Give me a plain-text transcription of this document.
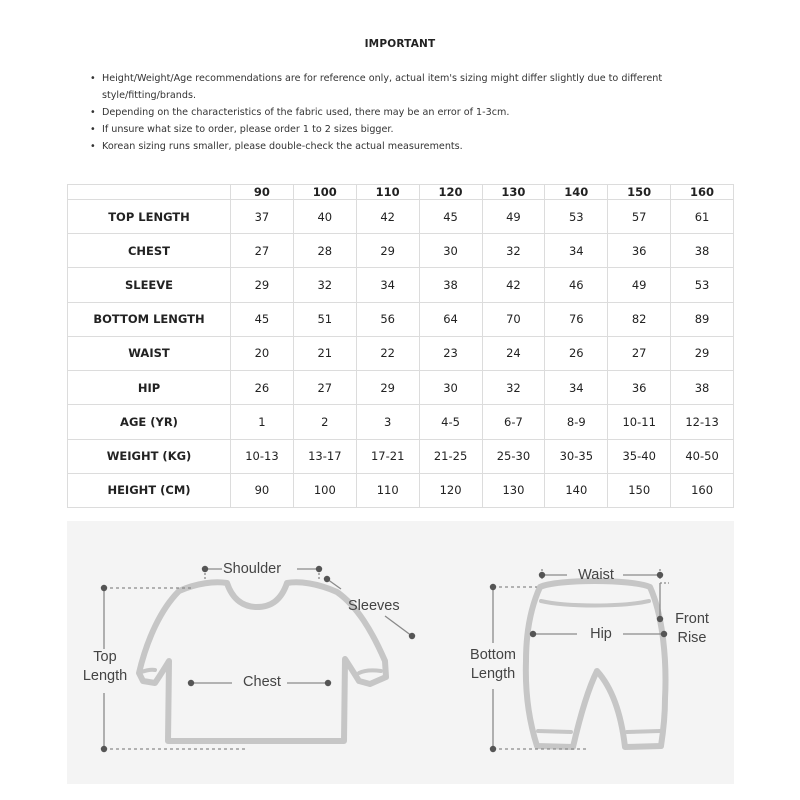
IMPORTANT
• Height/Weight/Age recommendations are for reference only, actual item's sizing might differ slightly due to different style/fitting/brands.
• Depending on the characteristics of the fabric used, there may be an error of 1-3cm.
• If unsure what size to order, please order 1 to 2 sizes bigger.
• Korean sizing runs smaller, please double-check the actual measurements.
	90	100	110	120	130	140	150	160
TOP LENGTH	37	40	42	45	49	53	57	61
CHEST	27	28	29	30	32	34	36	38
SLEEVE	29	32	34	38	42	46	49	53
BOTTOM LENGTH	45	51	56	64	70	76	82	89
WAIST	20	21	22	23	24	26	27	29
HIP	26	27	29	30	32	34	36	38
AGE (YR)	1	2	3	4-5	6-7	8-9	10-11	12-13
WEIGHT (KG)	10-13	13-17	17-21	21-25	25-30	30-35	35-40	40-50
HEIGHT (CM)	90	100	110	120	130	140	150	160
Shoulder
Sleeves
Top
Length	Chest
Waist
Hip
Front
Rise
Bottom
Length
